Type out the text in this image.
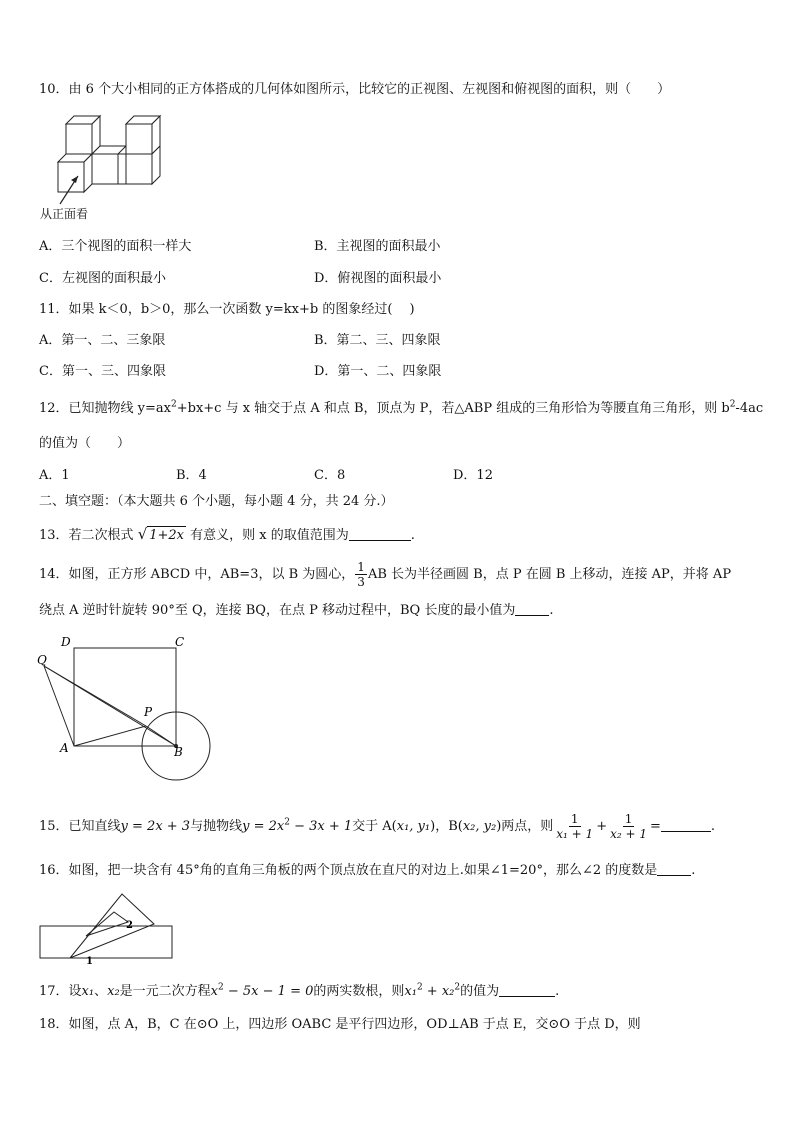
10．由 6 个大小相同的正方体搭成的几何体如图所示，比较它的正视图、左视图和俯视图的面积，则（　　）
从正面看
A．三个视图的面积一样大	B．主视图的面积最小
C．左视图的面积最小	D．俯视图的面积最小
11．如果 k＜0，b＞0，那么一次函数 y=kx+b 的图象经过(　 )
A．第一、二、三象限	B．第二、三、四象限
C．第一、三、四象限	D．第一、二、四象限
12．已知抛物线 $y=ax^2+bx+c$ 与 x 轴交于点 A 和点 B，顶点为 P，若△ABP 组成的三角形恰为等腰直角三角形，则 $b^2-4ac$
的值为（　　）
A．1	B．4	C．8	D．12
二、填空题：（本大题共 6 个小题，每小题 4 分，共 24 分.）
13．若二次根式 √ 1+2x 有意义，则 x 的取值范围为	.
14．如图，正方形 ABCD 中，AB=3，以 B 为圆心， $\frac{1}{3}$ AB 长为半径画圆 B，点 P 在圆 B 上移动，连接 AP，并将 AP
绕点 A 逆时针旋转 90°至 Q，连接 BQ，在点 P 移动过程中，BQ 长度的最小值为	.
D	C
Q
P
A	B
15．已知直线y = 2x + 3与抛物线$y = 2x^2 - 3x + 1$交于 A(x₁, y₁)，B(x₂, y₂)两点，则 $\frac{1}{\text{x₁ + 1}} + \frac{1}{\text{x₂ + 1}}$ =	.
16．如图，把一块含有 45°角的直角三角板的两个顶点放在直尺的对边上.如果∠1=20°，那么∠2 的度数是	.
1
2
17．设x₁、x₂是一元二次方程$x^2 - 5x - 1 = 0$的两实数根，则x₁$^2$ + x₂$^2$的值为	.
18．如图，点 A，B，C 在⊙O 上，四边形 OABC 是平行四边形，OD⊥AB 于点 E，交⊙O 于点 D，则
